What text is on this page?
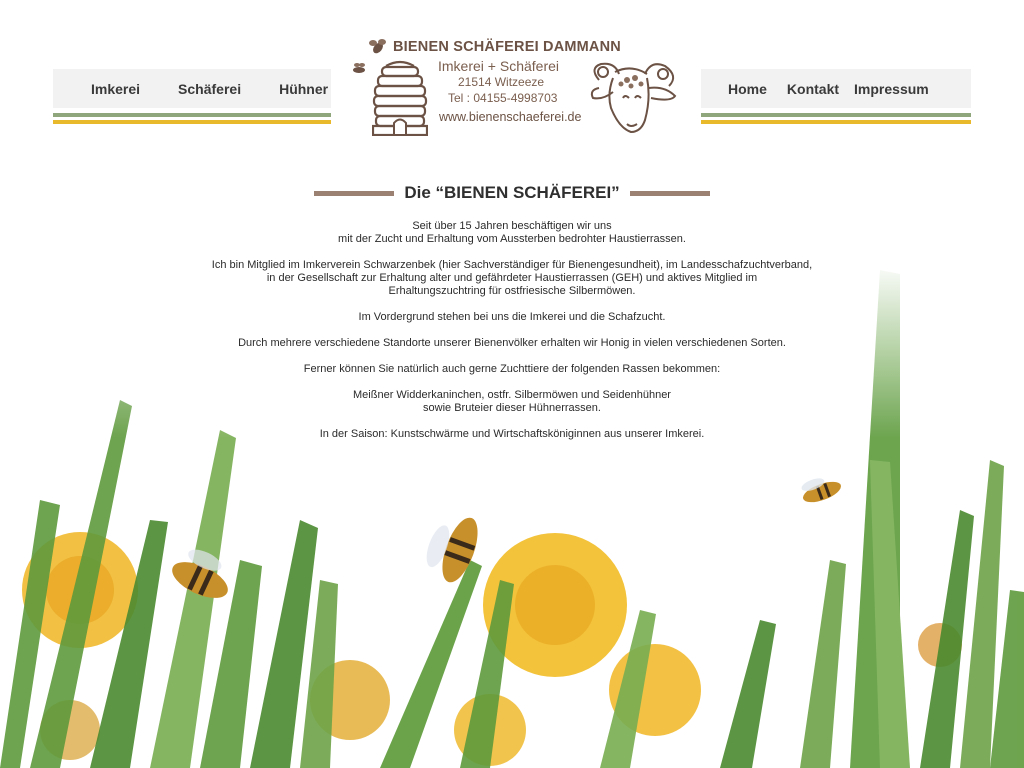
Imkerei	Schäferei	Hühner	Home Kontakt Impressum
BIENEN SCHÄFEREI DAMMANN
Imkerei + Schäferei
21514 Witzeeze
Tel : 04155-4998703
www.bienenschaeferei.de
Die “BIENEN SCHÄFEREI”

Seit über 15 Jahren beschäftigen wir uns
mit der Zucht und Erhaltung vom Aussterben bedrohter Haustierrassen.

Ich bin Mitglied im Imkerverein Schwarzenbek (hier Sachverständiger für Bienengesundheit), im Landesschafzuchtverband,
in der Gesellschaft zur Erhaltung alter und gefährdeter Haustierrassen (GEH) und aktives Mitglied im
Erhaltungszuchtring für ostfriesische Silbermöwen.

Im Vordergrund stehen bei uns die Imkerei und die Schafzucht.

Durch mehrere verschiedene Standorte unserer Bienenvölker erhalten wir Honig in vielen verschiedenen Sorten.

Ferner können Sie natürlich auch gerne Zuchttiere der folgenden Rassen bekommen:

Meißner Widderkaninchen, ostfr. Silbermöwen und Seidenhühner
sowie Bruteier dieser Hühnerrassen.

In der Saison: Kunstschwärme und Wirtschaftsköniginnen aus unserer Imkerei.
